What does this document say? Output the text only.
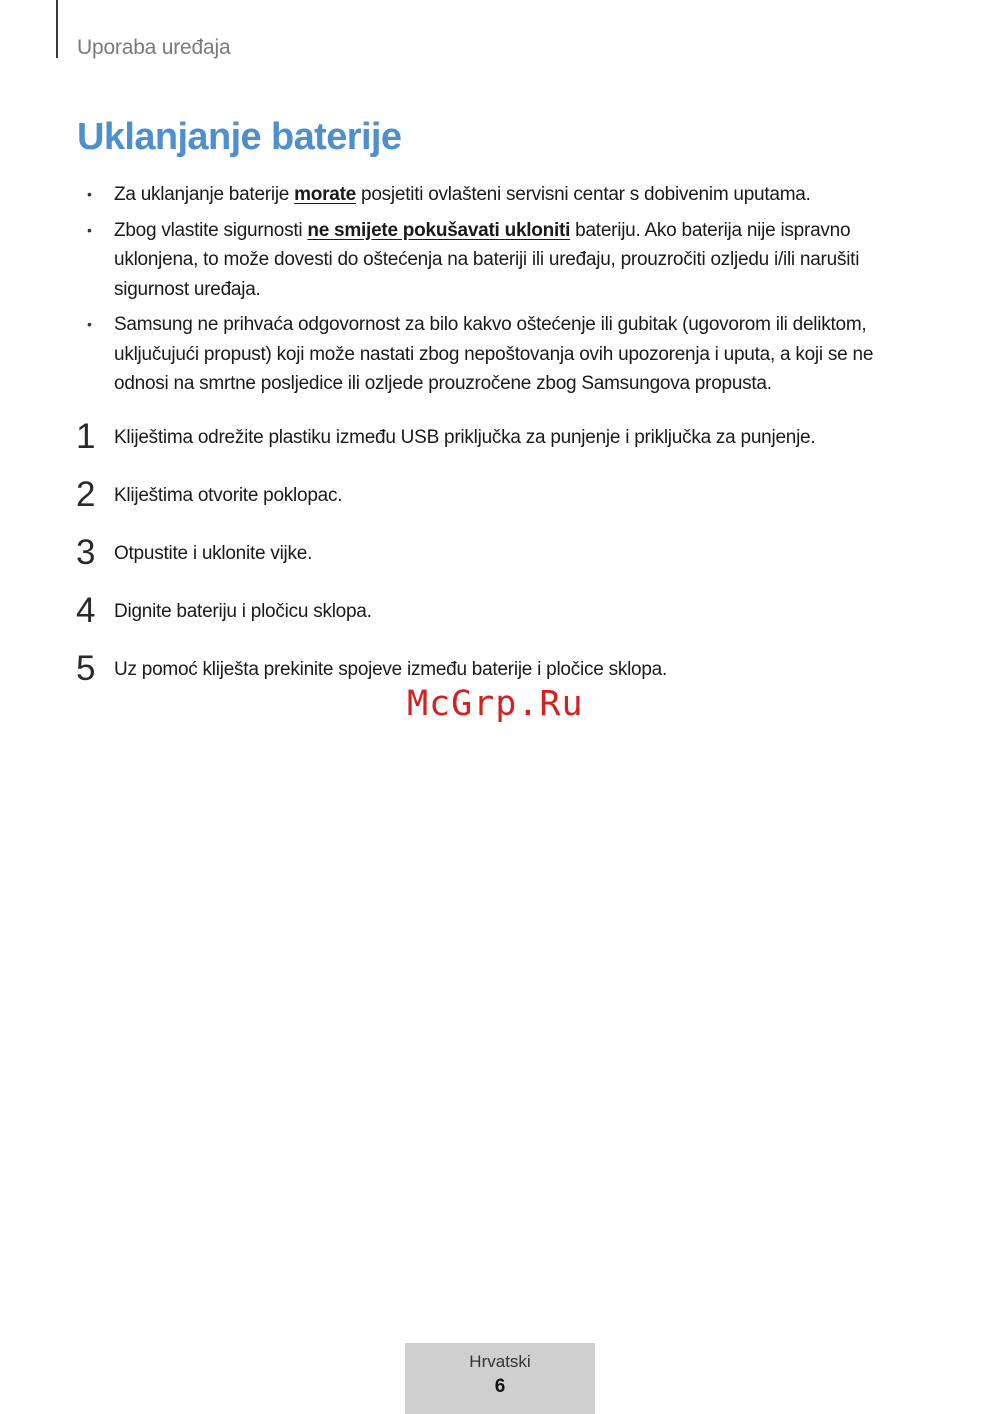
Uporaba uređaja
Uklanjanje baterije
• Za uklanjanje baterije morate posjetiti ovlašteni servisni centar s dobivenim uputama.
• Zbog vlastite sigurnosti ne smijete pokušavati ukloniti bateriju. Ako baterija nije ispravno uklonjena, to može dovesti do oštećenja na bateriji ili uređaju, prouzročiti ozljedu i/ili narušiti sigurnost uređaja.
• Samsung ne prihvaća odgovornost za bilo kakvo oštećenje ili gubitak (ugovorom ili deliktom, uključujući propust) koji može nastati zbog nepoštovanja ovih upozorenja i uputa, a koji se ne odnosi na smrtne posljedice ili ozljede prouzročene zbog Samsungova propusta.
1 Kliještima odrežite plastiku između USB priključka za punjenje i priključka za punjenje.
2 Kliještima otvorite poklopac.
3 Otpustite i uklonite vijke.
4 Dignite bateriju i pločicu sklopa.
5 Uz pomoć kliješta prekinite spojeve između baterije i pločice sklopa.
McGrp.Ru
Hrvatski
6
